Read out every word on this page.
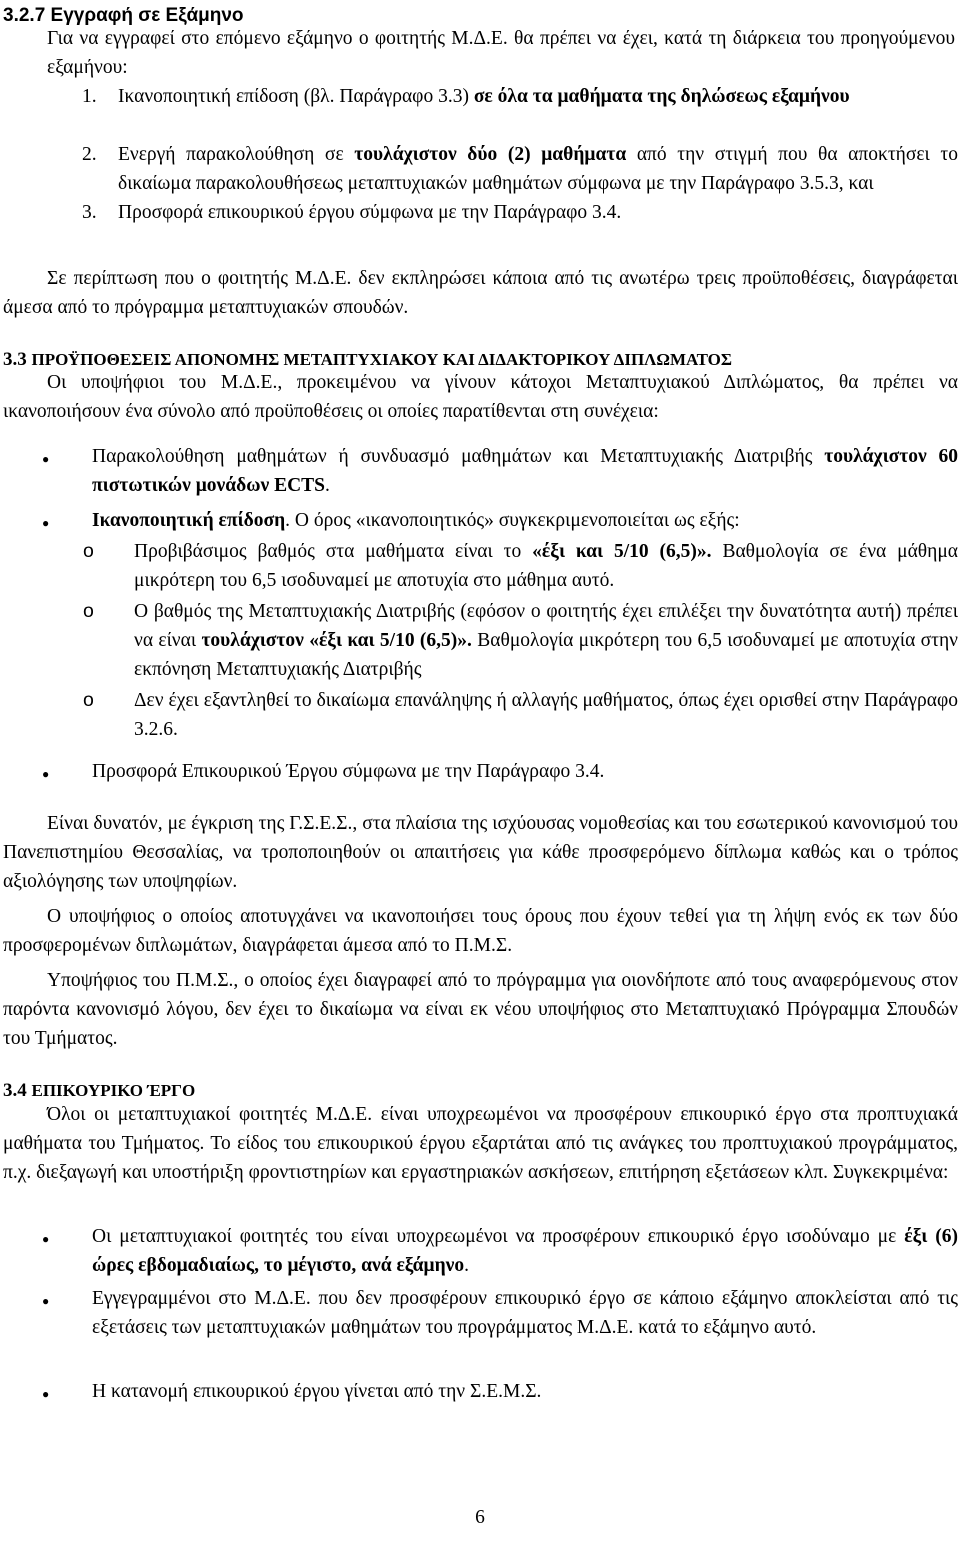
3.2.7 Εγγραφή σε Εξάμηνο

Για να εγγραφεί στο επόμενο εξάμηνο ο φοιτητής Μ.Δ.Ε. θα πρέπει να έχει, κατά τη διάρκεια του προηγούμενου εξαμήνου:

1. Ικανοποιητική επίδοση (βλ. Παράγραφο 3.3) σε όλα τα μαθήματα της δηλώσεως εξαμήνου

2. Ενεργή παρακολούθηση σε τουλάχιστον δύο (2) μαθήματα από την στιγμή που θα αποκτήσει το δικαίωμα παρακολουθήσεως μεταπτυχιακών μαθημάτων σύμφωνα με την Παράγραφο 3.5.3, και

3. Προσφορά επικουρικού έργου σύμφωνα με την Παράγραφο 3.4.

Σε περίπτωση που ο φοιτητής Μ.Δ.Ε. δεν εκπληρώσει κάποια από τις ανωτέρω τρεις προϋποθέσεις, διαγράφεται άμεσα από το πρόγραμμα μεταπτυχιακών σπουδών.

3.3 ΠΡΟΫΠΟΘΕΣΕΙΣ ΑΠΟΝΟΜΗΣ ΜΕΤΑΠΤΥΧΙΑΚΟΥ ΚΑΙ ΔΙΔΑΚΤΟΡΙΚΟΥ ΔΙΠΛΩΜΑΤΟΣ

Οι υποψήφιοι του Μ.Δ.Ε., προκειμένου να γίνουν κάτοχοι Μεταπτυχιακού Διπλώματος, θα πρέπει να ικανοποιήσουν ένα σύνολο από προϋποθέσεις οι οποίες παρατίθενται στη συνέχεια:

● Παρακολούθηση μαθημάτων ή συνδυασμό μαθημάτων και Μεταπτυχιακής Διατριβής τουλάχιστον 60 πιστωτικών μονάδων ECTS.

● Ικανοποιητική επίδοση. Ο όρος «ικανοποιητικός» συγκεκριμενοποιείται ως εξής:

o Προβιβάσιμος βαθμός στα μαθήματα είναι το «έξι και 5/10 (6,5)». Βαθμολογία σε ένα μάθημα μικρότερη του 6,5 ισοδυναμεί με αποτυχία στο μάθημα αυτό.

o Ο βαθμός της Μεταπτυχιακής Διατριβής (εφόσον ο φοιτητής έχει επιλέξει την δυνατότητα αυτή) πρέπει να είναι τουλάχιστον «έξι και 5/10 (6,5)». Βαθμολογία μικρότερη του 6,5 ισοδυναμεί με αποτυχία στην εκπόνηση Μεταπτυχιακής Διατριβής

o Δεν έχει εξαντληθεί το δικαίωμα επανάληψης ή αλλαγής μαθήματος, όπως έχει ορισθεί στην Παράγραφο 3.2.6.

● Προσφορά Επικουρικού Έργου σύμφωνα με την Παράγραφο 3.4.

Είναι δυνατόν, με έγκριση της Γ.Σ.Ε.Σ., στα πλαίσια της ισχύουσας νομοθεσίας και του εσωτερικού κανονισμού του Πανεπιστημίου Θεσσαλίας, να τροποποιηθούν οι απαιτήσεις για κάθε προσφερόμενο δίπλωμα καθώς και ο τρόπος αξιολόγησης των υποψηφίων.

Ο υποψήφιος ο οποίος αποτυγχάνει να ικανοποιήσει τους όρους που έχουν τεθεί για τη λήψη ενός εκ των δύο προσφερομένων διπλωμάτων, διαγράφεται άμεσα από το Π.Μ.Σ.

Υποψήφιος του Π.Μ.Σ., ο οποίος έχει διαγραφεί από το πρόγραμμα για οιονδήποτε από τους αναφερόμενους στον παρόντα κανονισμό λόγου, δεν έχει το δικαίωμα να είναι εκ νέου υποψήφιος στο Μεταπτυχιακό Πρόγραμμα Σπουδών του Τμήματος.

3.4 ΕΠΙΚΟΥΡΙΚΟ ΈΡΓΟ

Όλοι οι μεταπτυχιακοί φοιτητές Μ.Δ.Ε. είναι υποχρεωμένοι να προσφέρουν επικουρικό έργο στα προπτυχιακά μαθήματα του Τμήματος. Το είδος του επικουρικού έργου εξαρτάται από τις ανάγκες του προπτυχιακού προγράμματος, π.χ. διεξαγωγή και υποστήριξη φροντιστηρίων και εργαστηριακών ασκήσεων, επιτήρηση εξετάσεων κλπ. Συγκεκριμένα:

● Οι μεταπτυχιακοί φοιτητές του είναι υποχρεωμένοι να προσφέρουν επικουρικό έργο ισοδύναμο με έξι (6) ώρες εβδομαδιαίως, το μέγιστο, ανά εξάμηνο.

● Εγγεγραμμένοι στο Μ.Δ.Ε. που δεν προσφέρουν επικουρικό έργο σε κάποιο εξάμηνο αποκλείσται από τις εξετάσεις των μεταπτυχιακών μαθημάτων του προγράμματος Μ.Δ.Ε. κατά το εξάμηνο αυτό.

● Η κατανομή επικουρικού έργου γίνεται από την Σ.Ε.Μ.Σ.

6
